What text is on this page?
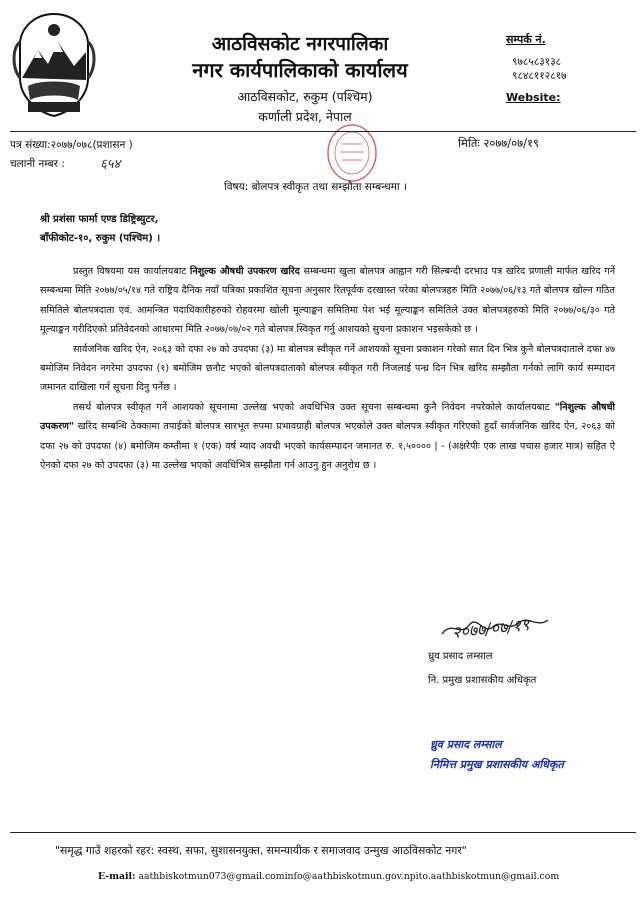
आठविसकोट नगरपालिका
नगर कार्यपालिकाको कार्यालय
आठविसकोट, रुकुम (पश्चिम)
कर्णाली प्रदेश, नेपाल
सम्पर्क नं.
९७८५८३१३८
९८४८११२८१७
Website:
पत्र संख्या:२०७७/०७८(प्रशासन )
चलानी नम्बर :	६५४
मितिः २०७७/०७/१९
विषय: बोलपत्र स्वीकृत तथा सम्झौता सम्बन्धमा ।
श्री प्रशंसा फार्मा एण्ड डिष्ट्रिब्युटर,
बाँफीकोट-१०, रुकुम (पश्चिम) ।

प्रस्तुत विषयमा यस कार्यालयबाट निशुल्क औषधी उपकरण खरिद सम्बन्धमा खुला बोलपत्र आह्वान गरी सिल्बन्दी दरभाउ पत्र खरिद प्रणाली मार्फत खरिद गर्ने सम्बन्धमा मिति २०७७/०५/१४ गते राष्ट्रिय दैनिक नयाँ पत्रिका प्रकाशित सूचना अनुसार रितपूर्वक दरखास्त परेका बोलपत्रहरु मिति २०७७/०६/१३ गते बोलपत्र खोल्न गठित समितिले बोलपत्रदाता एवं. आमन्त्रित पदाधिकारीहरुको रोहवरमा खोली मूल्याङ्कन समितिमा पेश भई मूल्याङ्कन समितिले उक्त बोलपत्रहरुको मिति २०७७/०६/३० गते मूल्याङ्कन गरीदिएको प्रतिवेदनको आधारमा मिति २०७७/०७/०२ गते बोलपत्र स्विकृत गर्नु आशयको सुचना प्रकाशन भइसकेको छ ।

सार्वजनिक खरिद ऐन, २०६३ को दफा २७ को उपदफा (३) मा बोलपत्र स्वीकृत गर्ने आशयको सूचना प्रकाशन गरेको सात दिन भित्र कुनै बोलपत्रदाताले दफा ४७ बमोजिम निवेदन नगरेमा उपदफा (१) बमोजिम छनौट भएको बोलपत्रदाताको बोलपत्र स्वीकृत गरी निजलाई पन्ध्र दिन भित्र खरिद सम्झौता गर्नको लागि कार्य सम्पादन जमानत दाखिला गर्न सूचना दिनु पर्नेछ ।

तसर्थ बोलपत्र स्वीकृत गर्ने आशयको सूचनामा उल्लेख भएको अवधिभित्र उक्त सूचना सम्बन्धमा कुनै निवेदन नपरेकोले कार्यालयबाट "निशुल्क औषधी उपकरण" खरिद सम्बन्धि ठेक्कामा तपाईको बोलपत्र सारभूत रुपमा प्रभावग्राही बोलपत्र भएकोले उक्त बोलपत्र स्वीकृत गरिएको हुदाँ सार्वजनिक खरिद ऐन, २०६३ को दफा २७ को उपदफा (४) बमोजिम कम्तीमा १ (एक) वर्ष म्याद अवधी भएको कार्यसम्पादन जमानत रु. १,५०००० | - (अक्षरेपीः एक लाख पचास हजार मात्र) सहित ऐ ऐनको दफा २७ को उपदफा (३) मा उल्लेख भएको अवधिभित्र सम्झौता गर्न आउनु हुन अनुरोध छ ।

२०७७/०७/१९
ध्रुव प्रसाद लम्साल
नि. प्रमुख प्रशासकीय अधिकृत
ध्रुव प्रसाद लम्साल
निमित्त प्रमुख प्रशासकीय अधिकृत
"समृद्ध गाउँ शहरको रहर: स्वस्थ, सफा, सुशासनयुक्त, समन्यायीक र समाजवाद उन्मुख आठविसकोट नगर"
E-mail: aathbiskotmun073@gmail.cominfo@aathbiskotmun.gov.npito.aathbiskotmun@gmail.com
